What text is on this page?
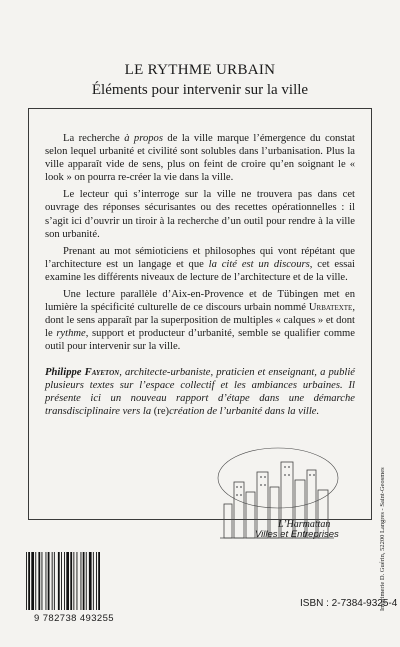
LE RYTHME URBAIN
Éléments pour intervenir sur la ville

La recherche à propos de la ville marque l’émergence du constat selon lequel urbanité et civilité sont solubles dans l’urbanisation. Plus la ville apparaît vide de sens, plus on feint de croire qu’en soignant le « look » on pourra re-créer la vie dans la ville.

Le lecteur qui s’interroge sur la ville ne trouvera pas dans cet ouvrage des réponses sécurisantes ou des recettes opérationnelles : il s’agit ici d’ouvrir un tiroir à la recherche d’un outil pour rendre à la ville son urbanité.

Prenant au mot sémioticiens et philosophes qui vont répétant que l’architecture est un langage et que la cité est un discours, cet essai examine les différents niveaux de lecture de l’architecture et de la ville.

Une lecture parallèle d’Aix-en-Provence et de Tübingen met en lumière la spécificité culturelle de ce discours urbain nommé Urbatexte, dont le sens apparaît par la superposition de multiples « calques » et dont le rythme, support et producteur d’urbanité, semble se qualifier comme outil pour intervenir sur la ville.

Philippe Fayeton, architecte-urbaniste, praticien et enseignant, a publié plusieurs textes sur l’espace collectif et les ambiances urbaines. Il présente ici un nouveau rapport d’étape dans une démarche transdisciplinaire vers la (re)création de l’urbanité dans la ville.
L’Harmattan
Villes et Entreprises
9 782738 493255
ISBN : 2-7384-9325-4
Imprimerie D. Guérin, 52200 Langres - Saint-Geosmes
